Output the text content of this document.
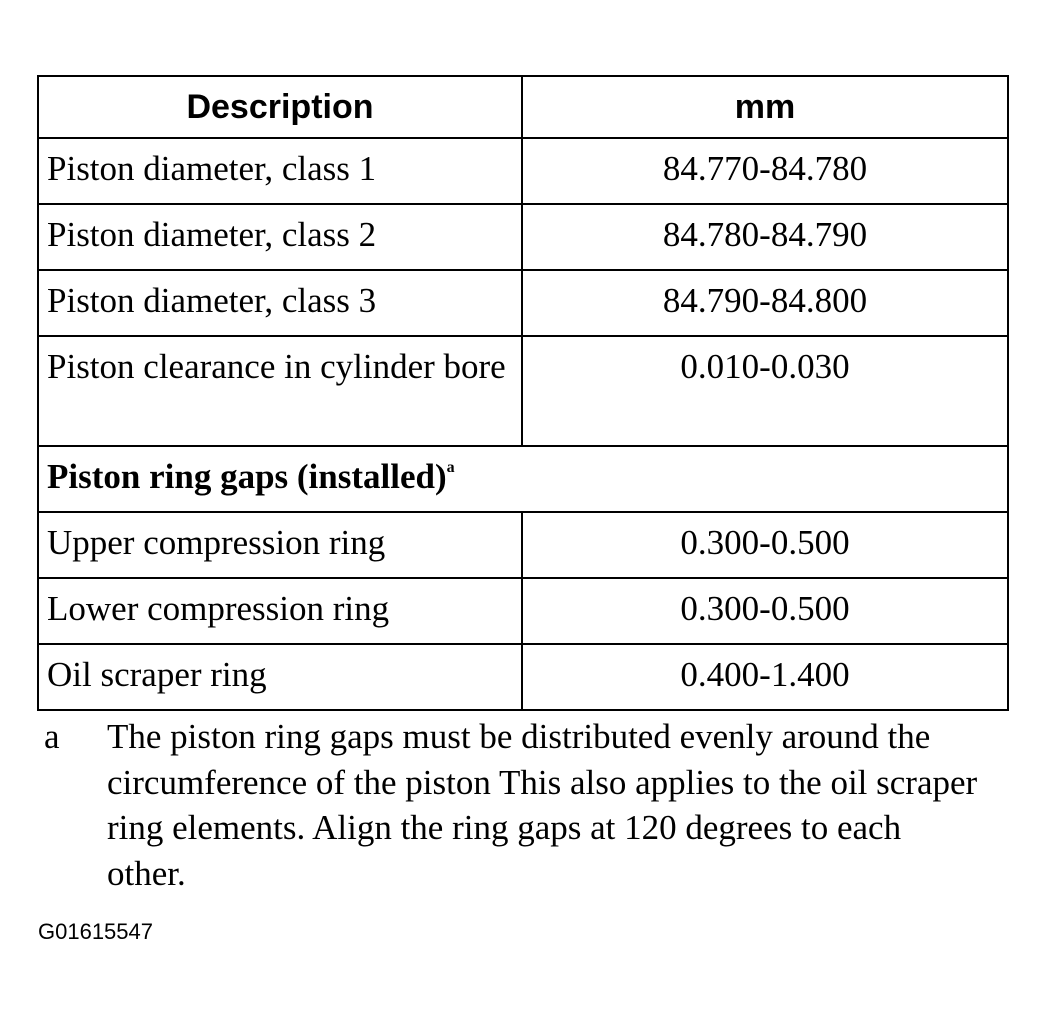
Description	mm
Piston diameter, class 1	84.770-84.780
Piston diameter, class 2	84.780-84.790
Piston diameter, class 3	84.790-84.800
Piston clearance in cylinder bore	0.010-0.030
Piston ring gaps (installed)$^a$
Upper compression ring	0.300-0.500
Lower compression ring	0.300-0.500
Oil scraper ring	0.400-1.400
a	The piston ring gaps must be distributed evenly around the circumference of the piston This also applies to the oil scraper ring elements. Align the ring gaps at 120 degrees to each other.
G01615547
